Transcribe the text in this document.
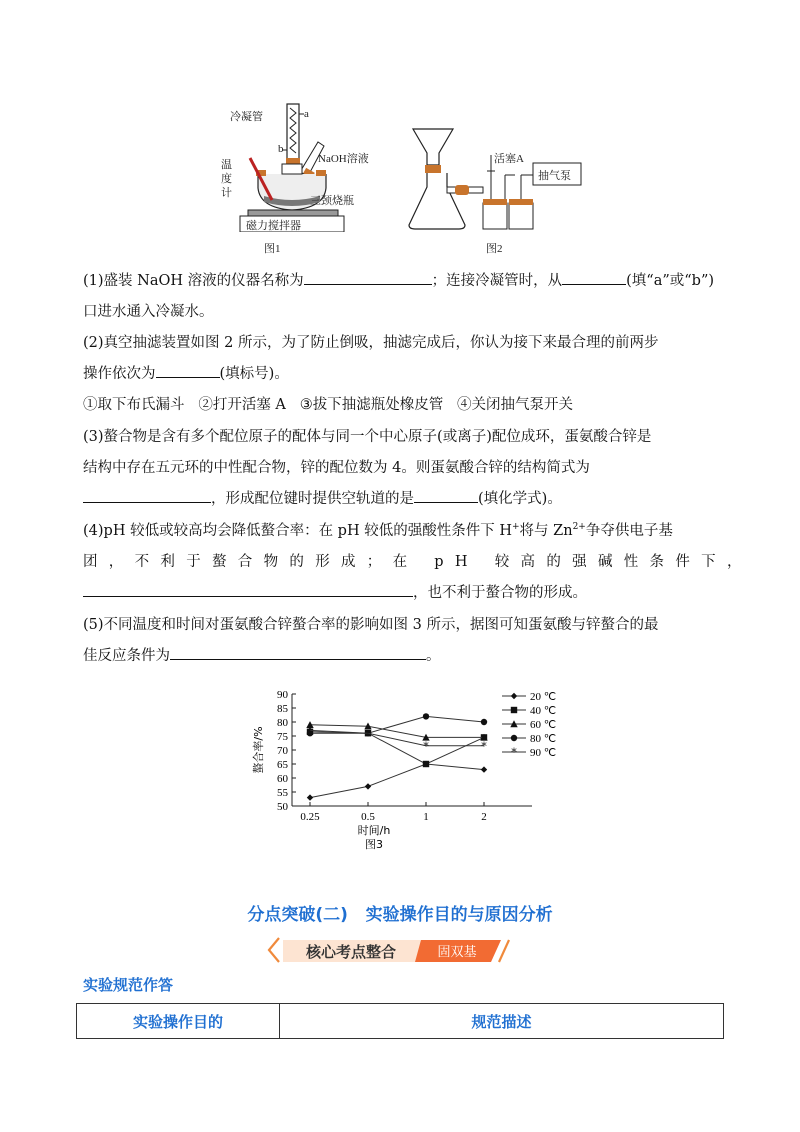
冷凝管	a
b
NaOH溶液
温
度
计
三颈烧瓶
磁力搅拌器
图1
活塞A
抽气泵
图2
(1)盛装 NaOH 溶液的仪器名称为	；连接冷凝管时，从	(填“a”或“b”)
口进水通入冷凝水。
(2)真空抽滤装置如图 2 所示，为了防止倒吸，抽滤完成后，你认为接下来最合理的前两步
操作依次为	(填标号)。
①取下布氏漏斗   ②打开活塞 A   ③拔下抽滤瓶处橡皮管   ④关闭抽气泵开关
(3)螯合物是含有多个配位原子的配体与同一个中心原子(或离子)配位成环，蛋氨酸合锌是
结构中存在五元环的中性配合物，锌的配位数为 4。则蛋氨酸合锌的结构简式为
，形成配位键时提供空轨道的是	(填化学式)。
(4)pH 较低或较高均会降低螯合率：在 pH 较低的强酸性条件下 H+将与 $Zn^{2+}$争夺供电子基
团，不利于螯合物的形成；在 pH 较高的强碱性条件下，
，也不利于螯合物的形成。
(5)不同温度和时间对蛋氨酸合锌螯合率的影响如图 3 所示，据图可知蛋氨酸与锌螯合的最
佳反应条件为	。
50
55
60
65
70
75
80
85
90
0.25	0.5	1	2
时间/h
螯合率/%
图3
20 ℃
40 ℃
60 ℃
80 ℃
*	*
*	* * 90 ℃
分点突破(二)   实验操作目的与原因分析
核心考点整合	固双基
实验规范作答
实验操作目的	规范描述
